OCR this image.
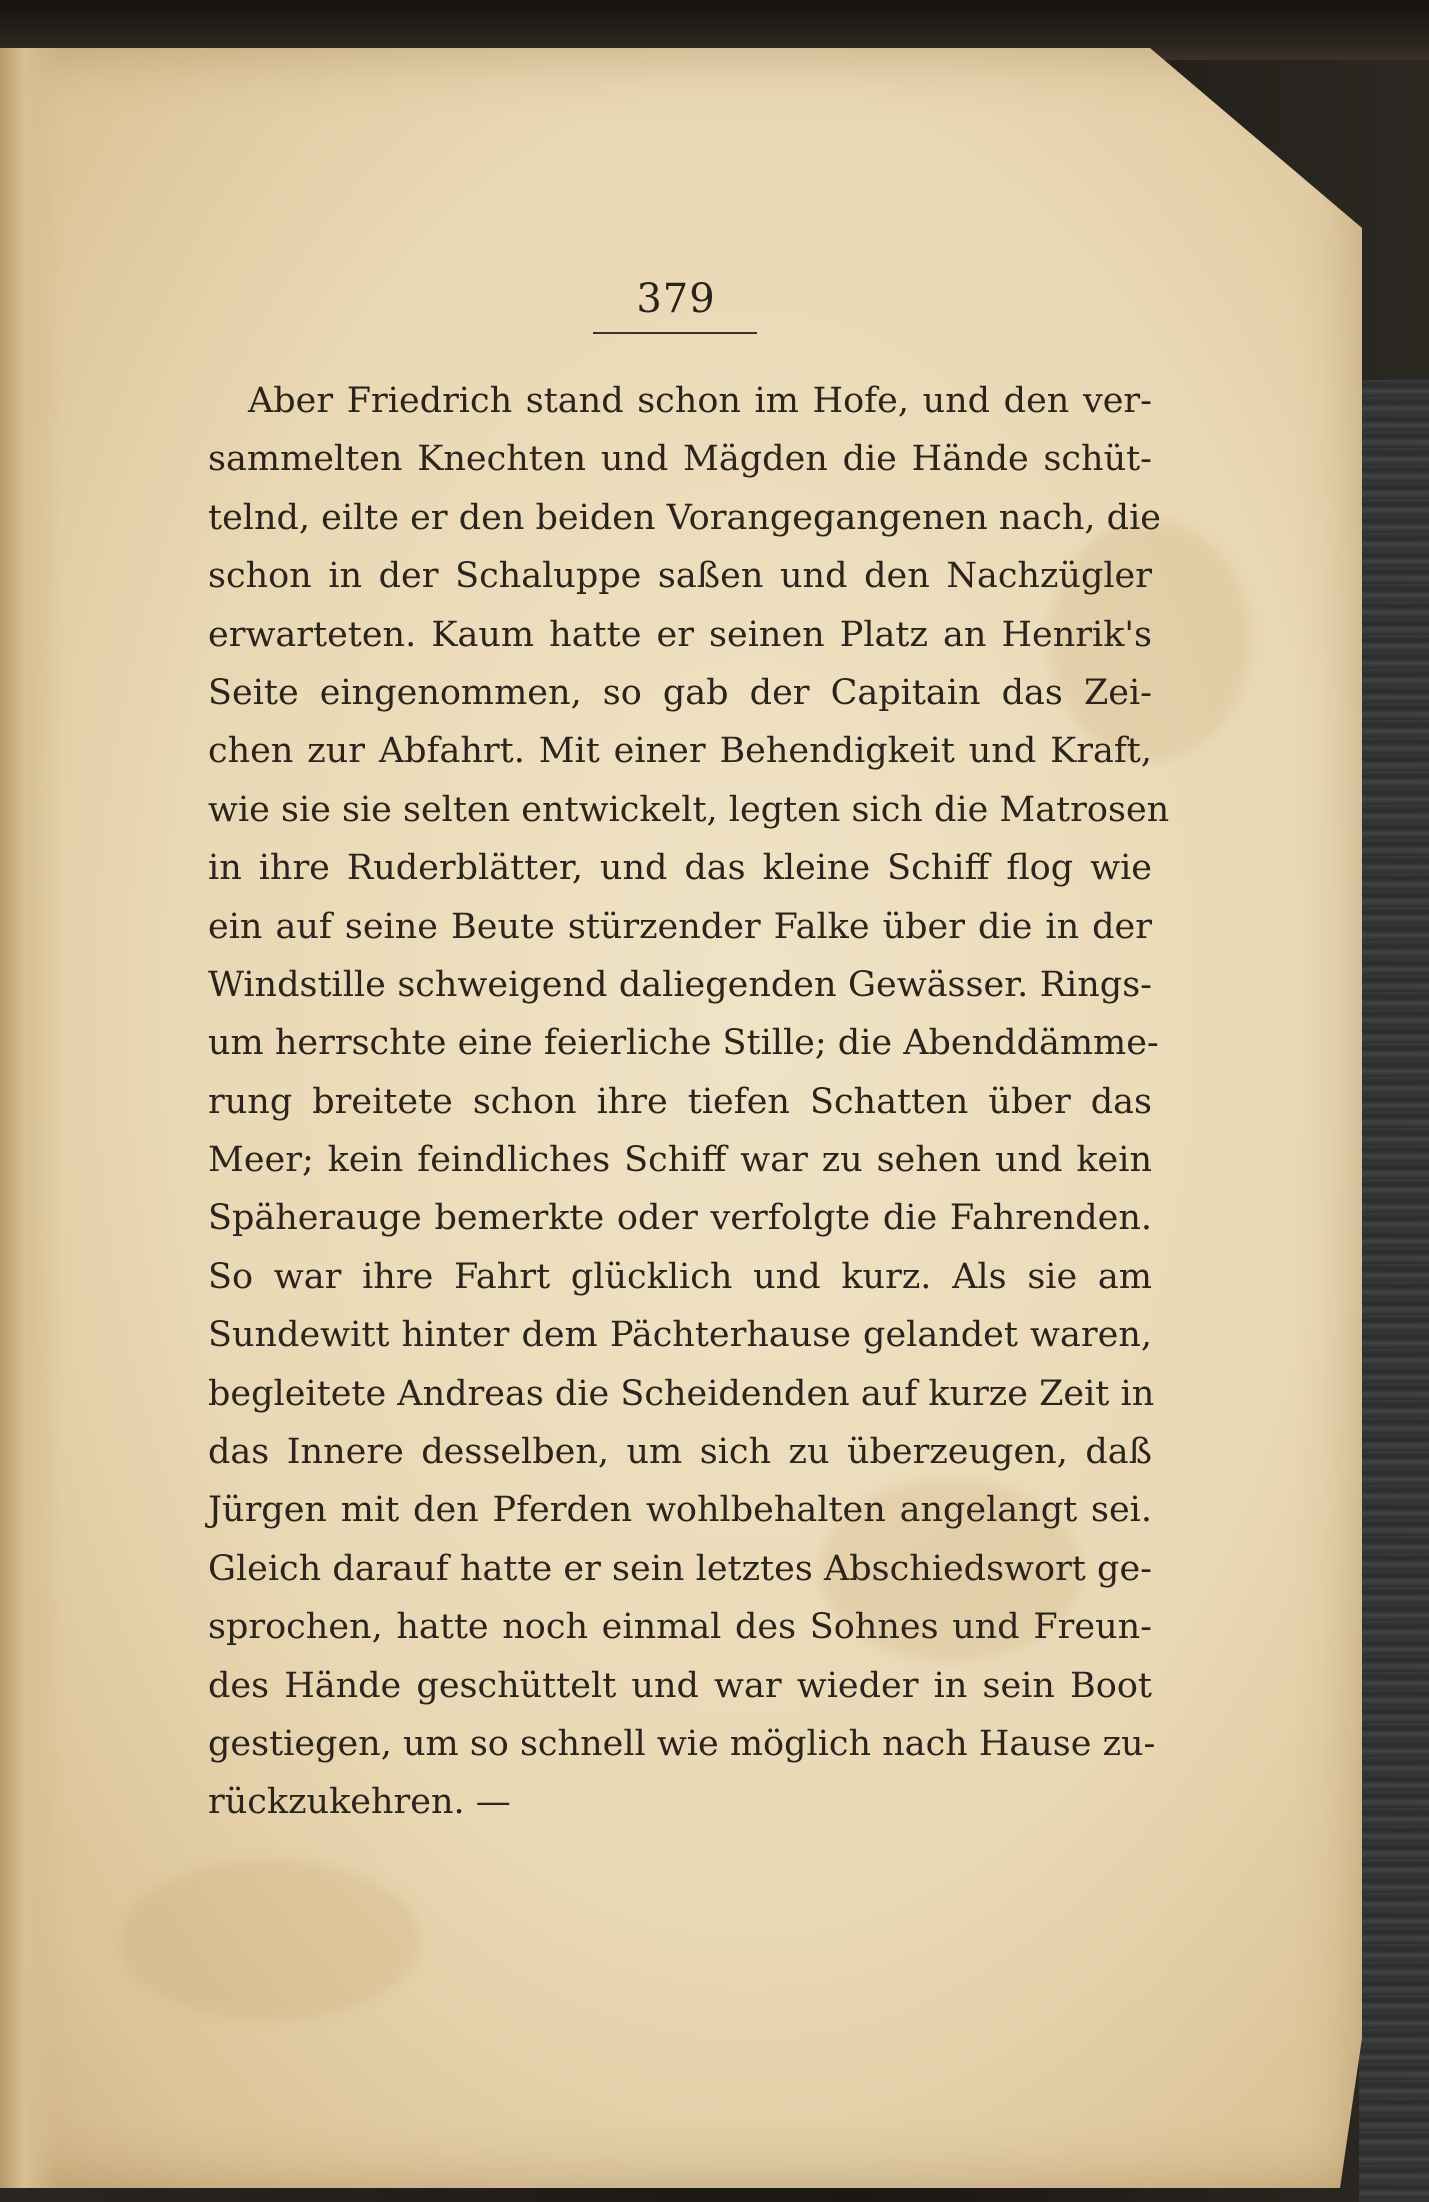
379
Aber Friedrich stand schon im Hofe, und den ver-
sammelten Knechten und Mägden die Hände schüt-
telnd, eilte er den beiden Vorangegangenen nach, die
schon in der Schaluppe saßen und den Nachzügler
erwarteten. Kaum hatte er seinen Platz an Henrik's
Seite eingenommen, so gab der Capitain das Zei-
chen zur Abfahrt. Mit einer Behendigkeit und Kraft,
wie sie sie selten entwickelt, legten sich die Matrosen
in ihre Ruderblätter, und das kleine Schiff flog wie
ein auf seine Beute stürzender Falke über die in der
Windstille schweigend daliegenden Gewässer. Rings-
um herrschte eine feierliche Stille; die Abenddämme-
rung breitete schon ihre tiefen Schatten über das
Meer; kein feindliches Schiff war zu sehen und kein
Späherauge bemerkte oder verfolgte die Fahrenden.
So war ihre Fahrt glücklich und kurz. Als sie am
Sundewitt hinter dem Pächterhause gelandet waren,
begleitete Andreas die Scheidenden auf kurze Zeit in
das Innere desselben, um sich zu überzeugen, daß
Jürgen mit den Pferden wohlbehalten angelangt sei.
Gleich darauf hatte er sein letztes Abschiedswort ge-
sprochen, hatte noch einmal des Sohnes und Freun-
des Hände geschüttelt und war wieder in sein Boot
gestiegen, um so schnell wie möglich nach Hause zu-
rückzukehren. —
